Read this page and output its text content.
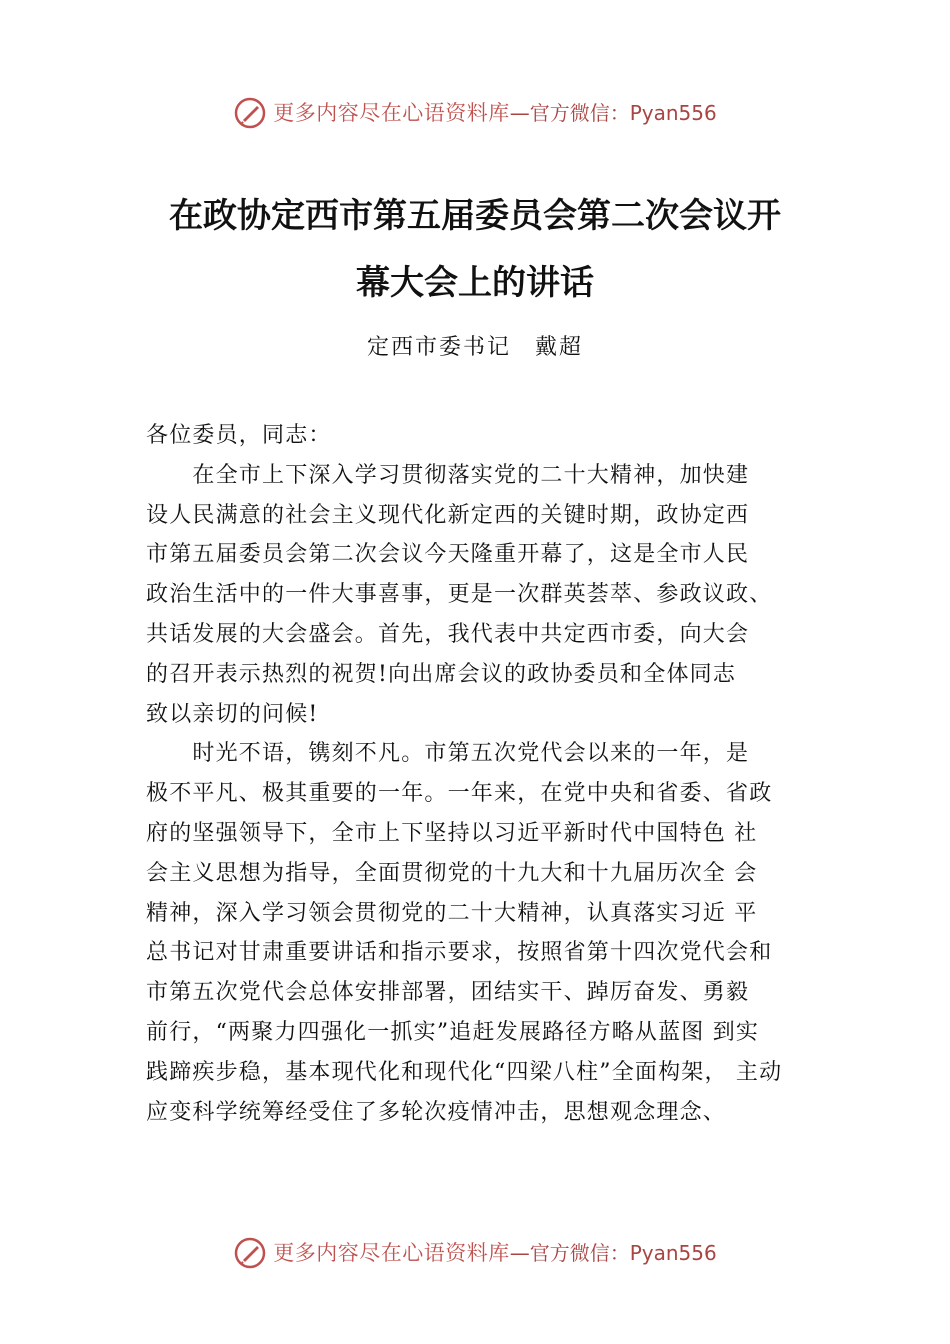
更多内容尽在心语资料库 —官方微信：Pyan556
在政协定西市第五届委员会第二次会议开
幕大会上的讲话
定西市委书记　戴超
各位委员，同志：
　　在全市上下深入学习贯彻落实党的二十大精神，加快建
设人民满意的社会主义现代化新定西的关键时期，政协定西
市第五届委员会第二次会议今天隆重开幕了，这是全市人民
政治生活中的一件大事喜事，更是一次群英荟萃、参政议政、
共话发展的大会盛会。首先，我代表中共定西市委，向大会
的召开表示热烈的祝贺!向出席会议的政协委员和全体同志
致以亲切的问候!
　　时光不语，镌刻不凡。市第五次党代会以来的一年，是
极不平凡、极其重要的一年。一年来，在党中央和省委、省政
府的坚强领导下，全市上下坚持以习近平新时代中国特色 社
会主义思想为指导，全面贯彻党的十九大和十九届历次全 会
精神，深入学习领会贯彻党的二十大精神，认真落实习近 平
总书记对甘肃重要讲话和指示要求，按照省第十四次党代会和
市第五次党代会总体安排部署，团结实干、踔厉奋发、勇毅
前行，“两聚力四强化一抓实”追赶发展路径方略从蓝图 到实
践蹄疾步稳，基本现代化和现代化“四梁八柱”全面构架， 主动
应变科学统筹经受住了多轮次疫情冲击，思想观念理念、
更多内容尽在心语资料库 —官方微信：Pyan556
